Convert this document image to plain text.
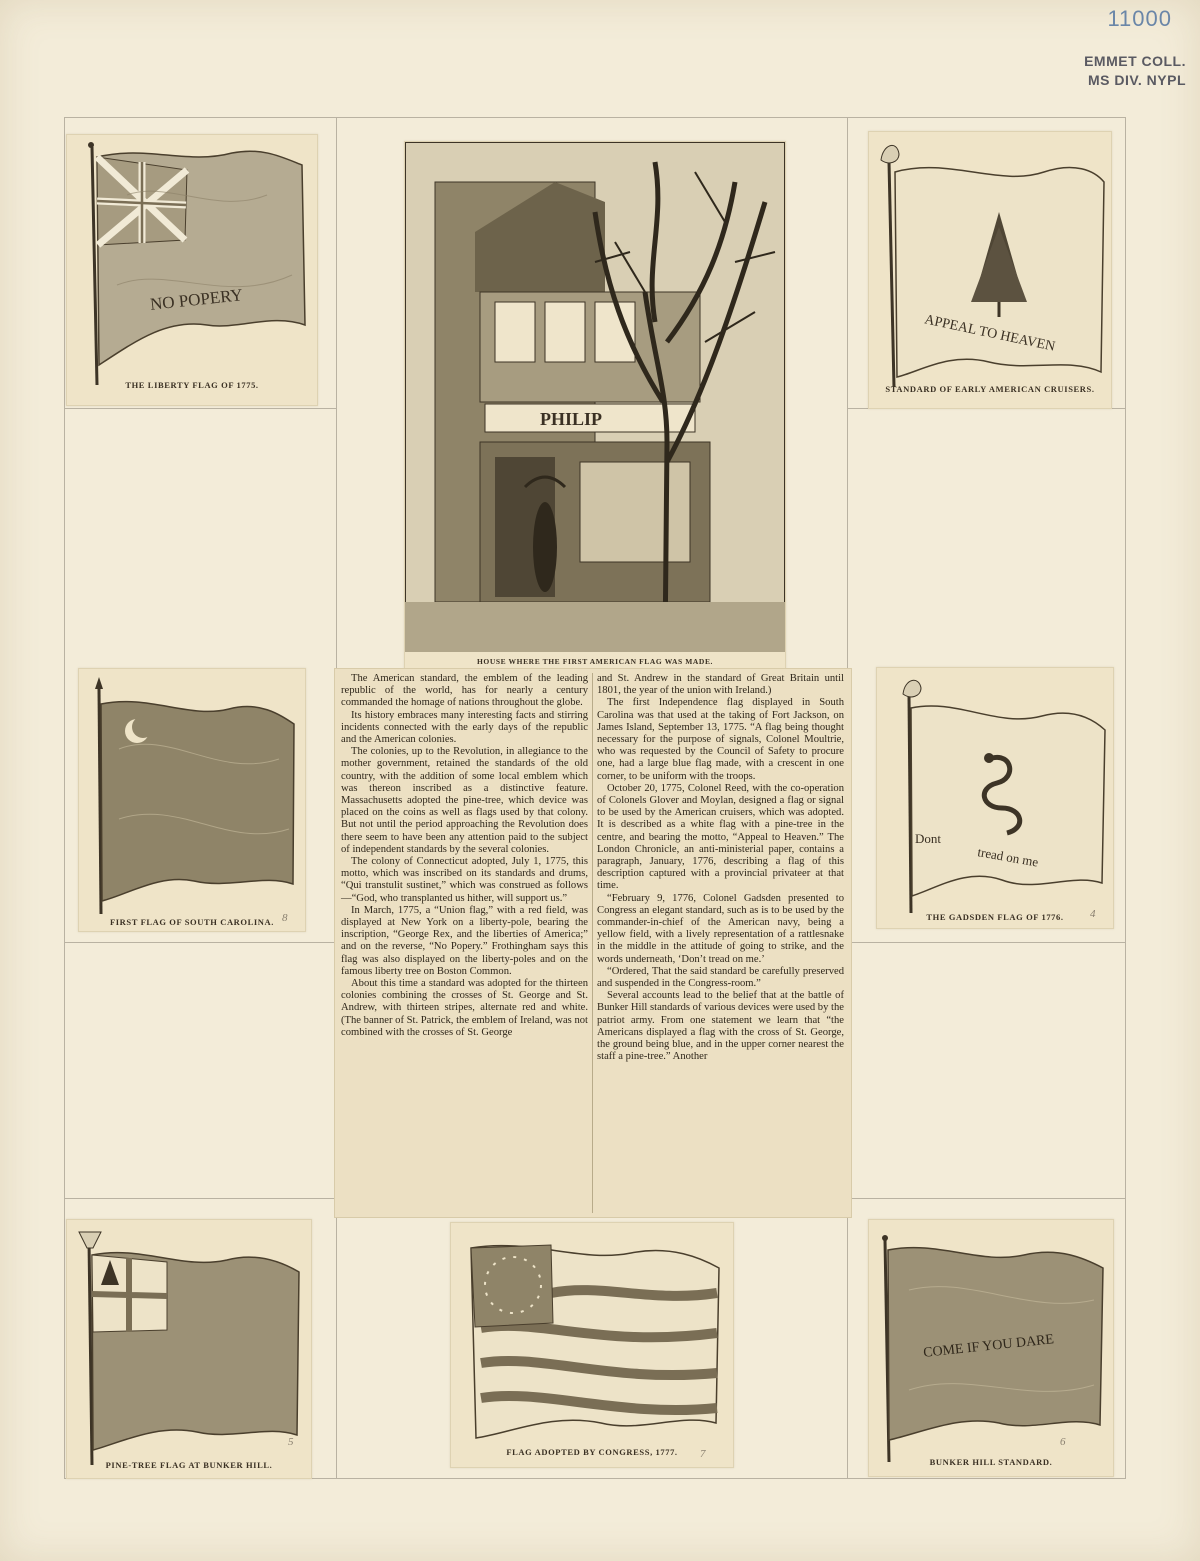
11000
EMMET COLL.
MS DIV. NYPL
NO POPERY
THE LIBERTY FLAG OF 1775.
PHILIP
HOUSE WHERE THE FIRST AMERICAN FLAG WAS MADE.
APPEAL TO HEAVEN
STANDARD OF EARLY AMERICAN CRUISERS.
FIRST FLAG OF SOUTH CAROLINA. 8
Dont
tread on me
THE GADSDEN FLAG OF 1776.	4
PINE-TREE FLAG AT BUNKER HILL.
5
FLAG ADOPTED BY CONGRESS, 1777.	7
COME IF YOU DARE
BUNKER HILL STANDARD.
6

The American standard, the emblem of the leading republic of the world, has for nearly a century commanded the homage of nations throughout the globe.

Its history embraces many interesting facts and stirring incidents connected with the early days of the republic and the American colonies.

The colonies, up to the Revolution, in allegiance to the mother government, retained the standards of the old country, with the addition of some local emblem which was thereon inscribed as a distinctive feature. Massachusetts adopted the pine-tree, which device was placed on the coins as well as flags used by that colony. But not until the period approaching the Revolution does there seem to have been any attention paid to the subject of independent standards by the several colonies.

The colony of Connecticut adopted, July 1, 1775, this motto, which was inscribed on its standards and drums, “Qui transtulit sustinet,” which was construed as follows—“God, who transplanted us hither, will support us.”

In March, 1775, a “Union flag,” with a red field, was displayed at New York on a liberty-pole, bearing the inscription, “George Rex, and the liberties of America;” and on the reverse, “No Popery.” Frothingham says this flag was also displayed on the liberty-poles and on the famous liberty tree on Boston Common.

About this time a standard was adopted for the thirteen colonies combining the crosses of St. George and St. Andrew, with thirteen stripes, alternate red and white. (The banner of St. Patrick, the emblem of Ireland, was not combined with the crosses of St. George

and St. Andrew in the standard of Great Britain until 1801, the year of the union with Ireland.)

The first Independence flag displayed in South Carolina was that used at the taking of Fort Jackson, on James Island, September 13, 1775. “A flag being thought necessary for the purpose of signals, Colonel Moultrie, who was requested by the Council of Safety to procure one, had a large blue flag made, with a crescent in one corner, to be uniform with the troops.

October 20, 1775, Colonel Reed, with the co-operation of Colonels Glover and Moylan, designed a flag or signal to be used by the American cruisers, which was adopted. It is described as a white flag with a pine-tree in the centre, and bearing the motto, “Appeal to Heaven.” The London Chronicle, an anti-ministerial paper, contains a paragraph, January, 1776, describing a flag of this description captured with a provincial privateer at that time.

“February 9, 1776, Colonel Gadsden presented to Congress an elegant standard, such as is to be used by the commander-in-chief of the American navy, being a yellow field, with a lively representation of a rattlesnake in the middle in the attitude of going to strike, and the words underneath, ‘Don’t tread on me.’

“Ordered, That the said standard be carefully preserved and suspended in the Congress-room.”

Several accounts lead to the belief that at the battle of Bunker Hill standards of various devices were used by the patriot army. From one statement we learn that “the Americans displayed a flag with the cross of St. George, the ground being blue, and in the upper corner nearest the staff a pine-tree.” Another
